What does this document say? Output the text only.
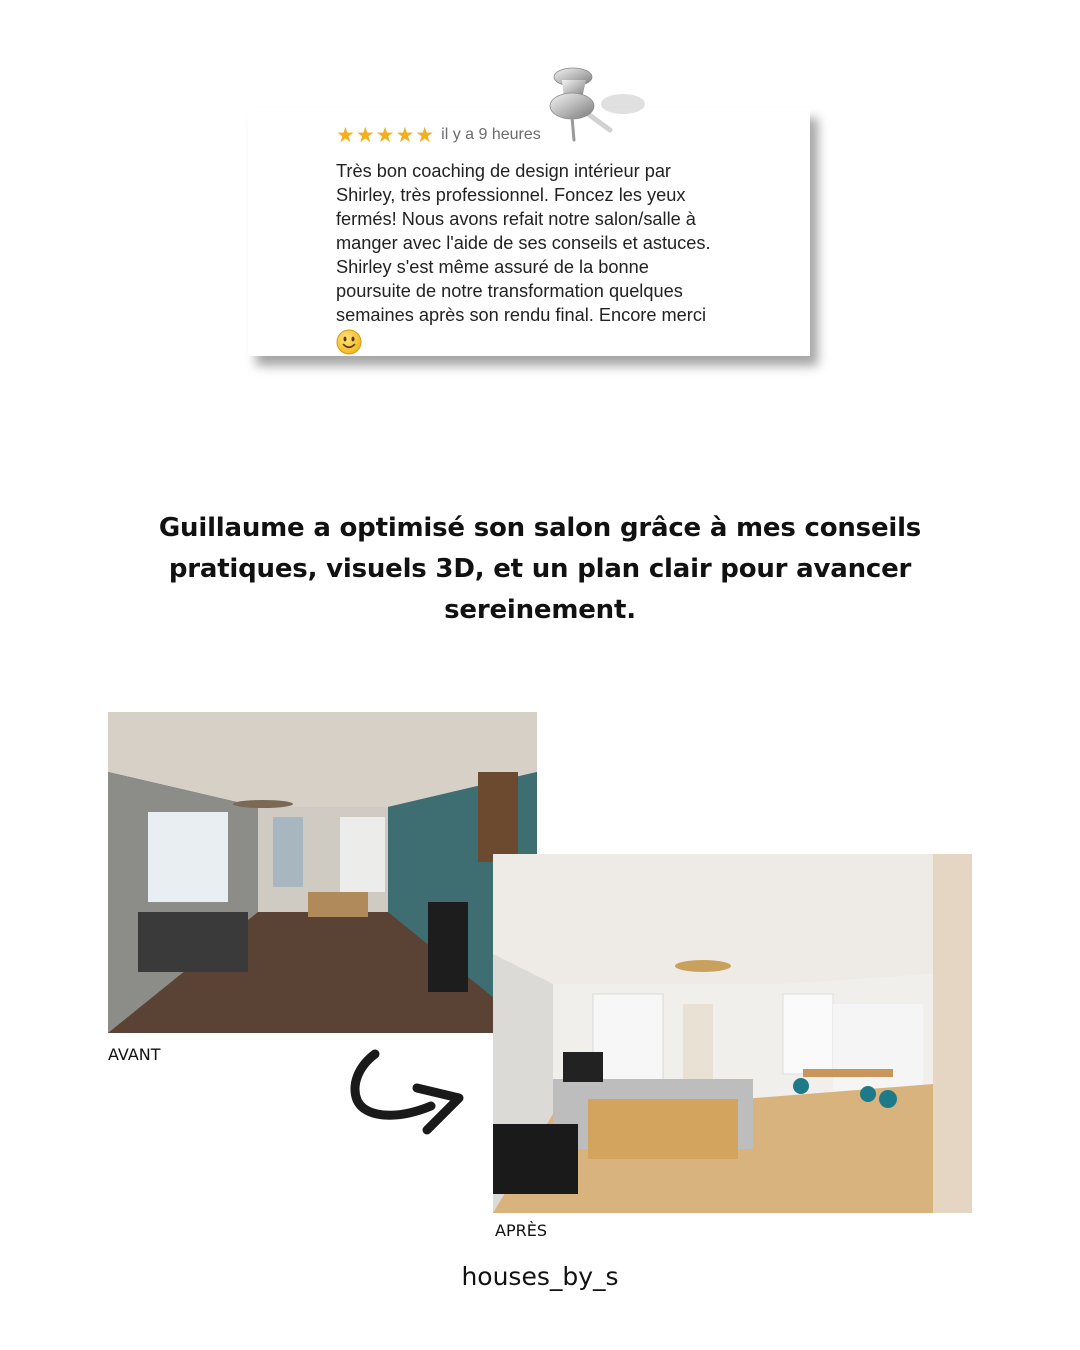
★★★★★ il y a 9 heures
Très bon coaching de design intérieur par
Shirley, très professionnel. Foncez les yeux
fermés! Nous avons refait notre salon/salle à
manger avec l'aide de ses conseils et astuces.
Shirley s'est même assuré de la bonne
poursuite de notre transformation quelques
semaines après son rendu final. Encore merci
Guillaume a optimisé son salon grâce à mes conseils pratiques, visuels 3D, et un plan clair pour avancer sereinement.
AVANT
APRÈS
houses_by_s
